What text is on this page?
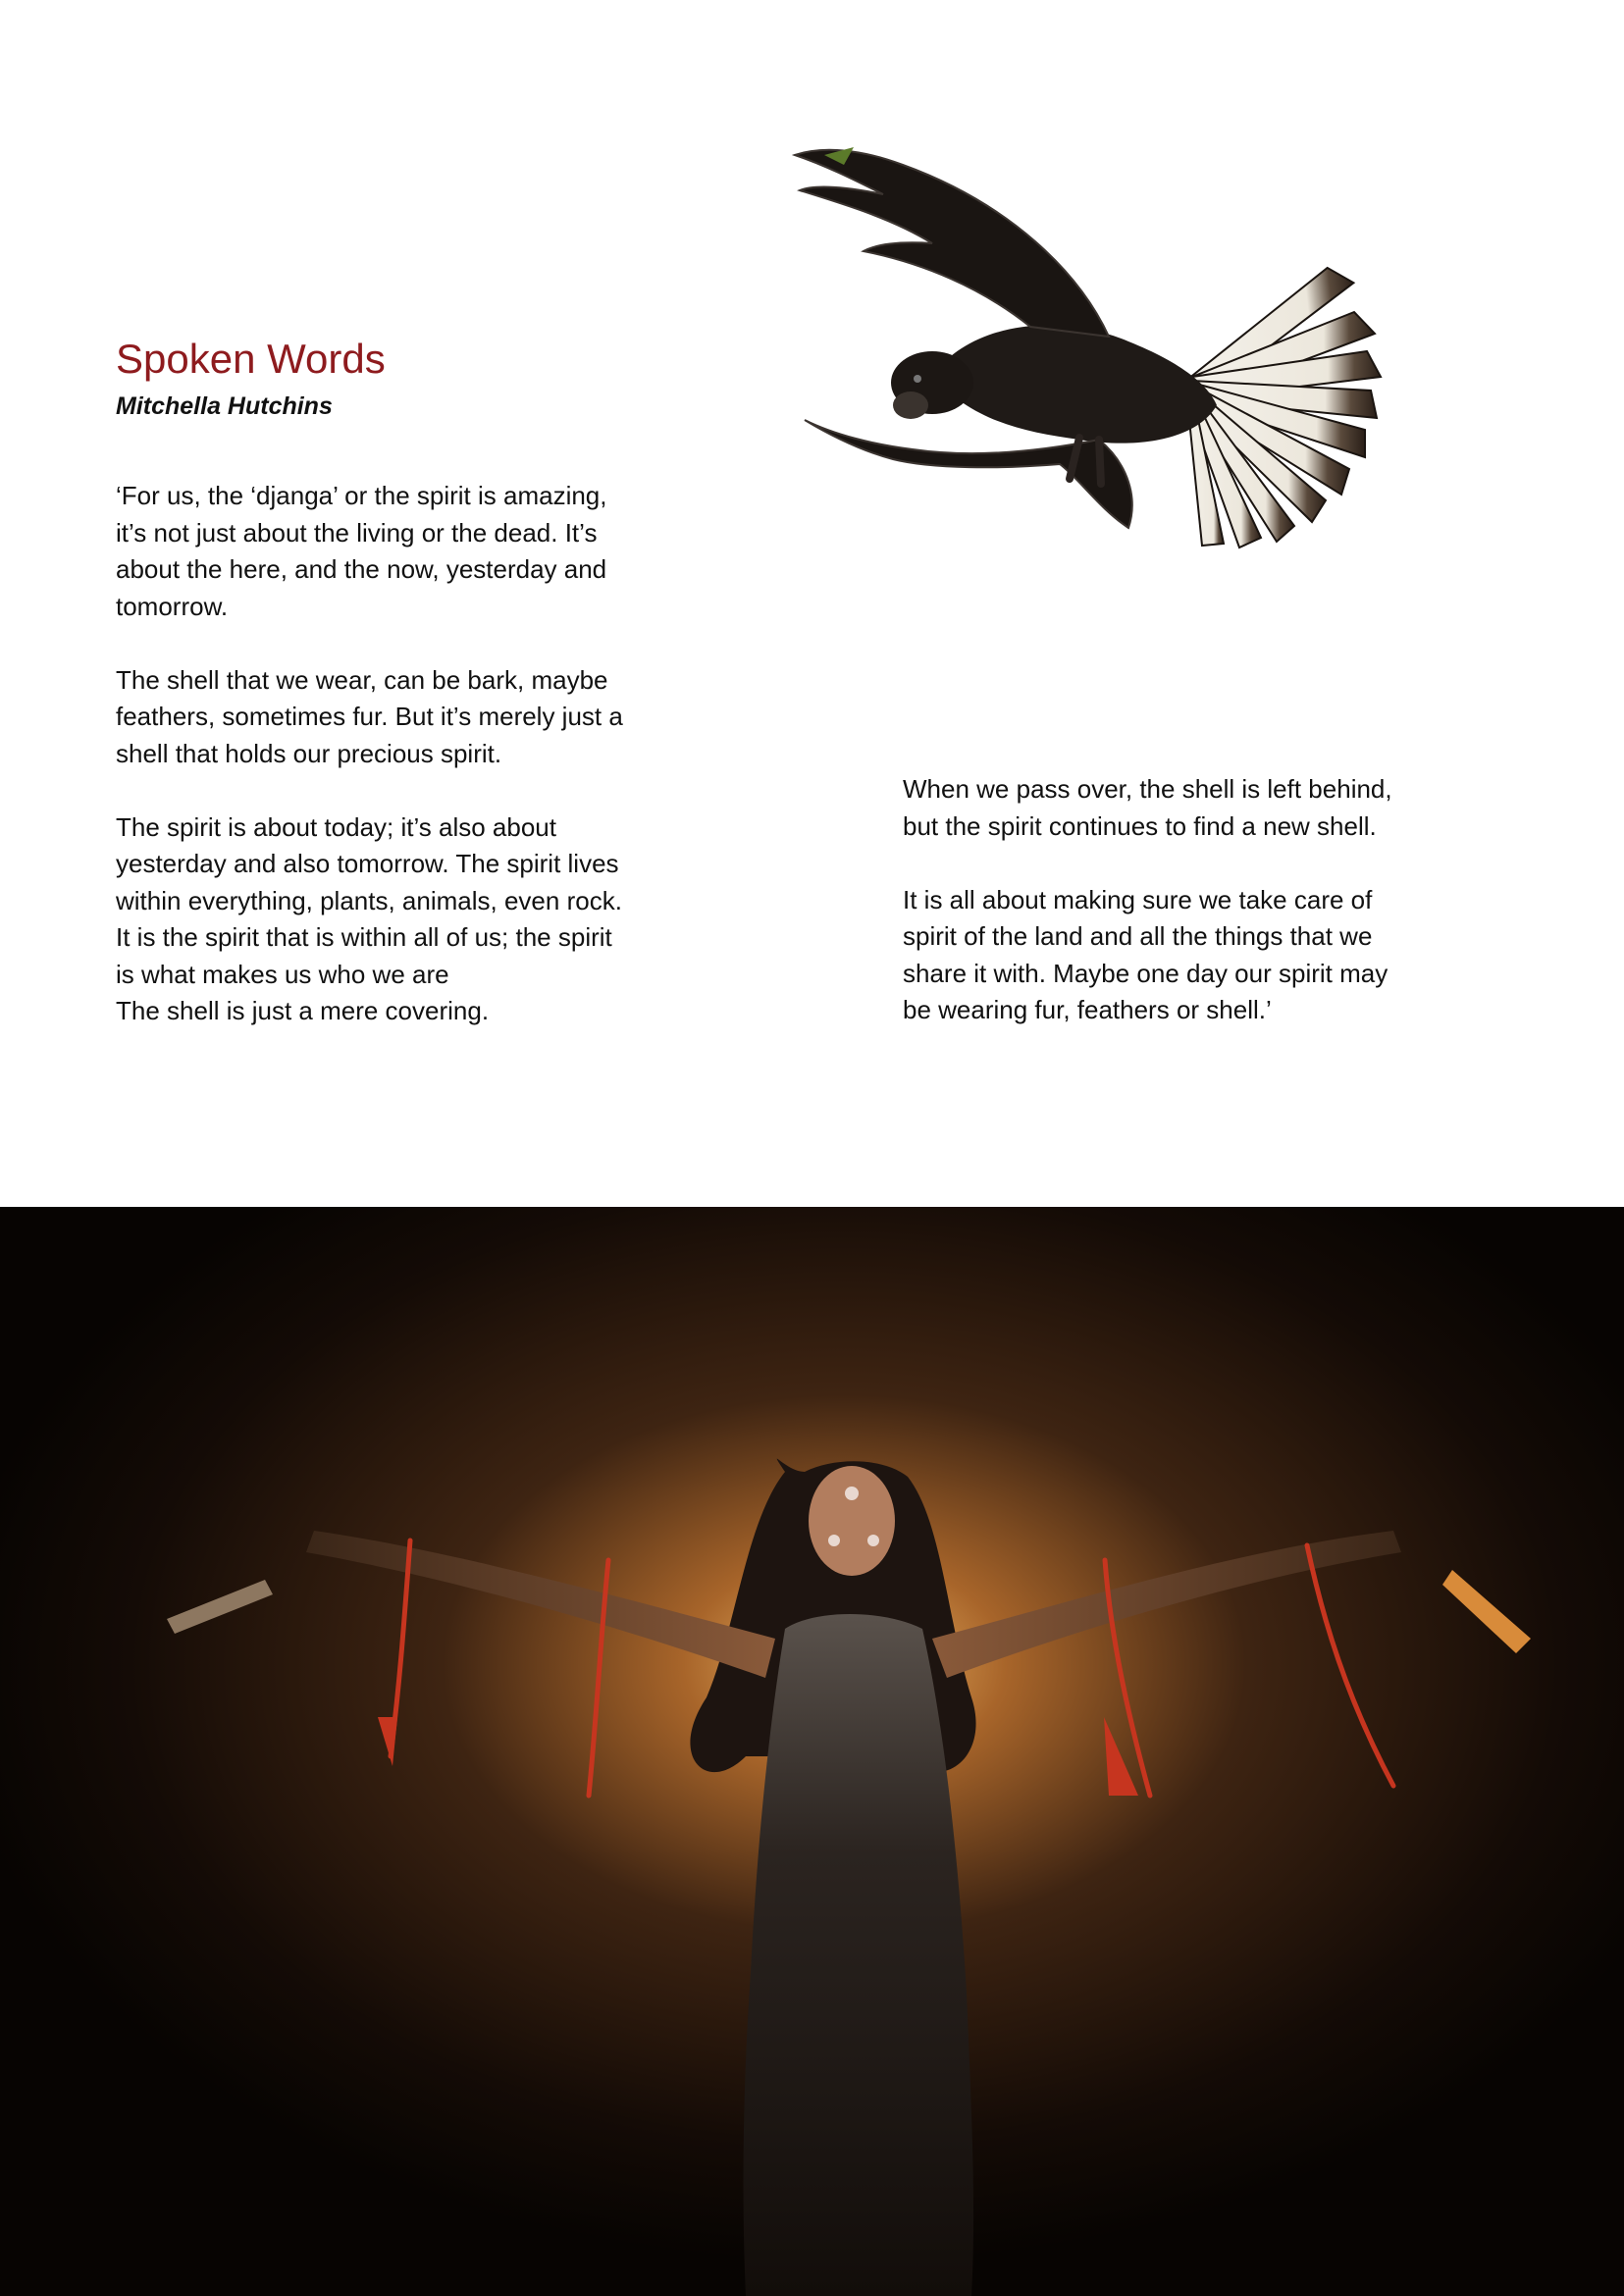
Spoken Words
Mitchella Hutchins

‘For us, the ‘djanga’ or the spirit is amazing,
it’s not just about the living or the dead. It’s
about the here, and the now, yesterday and
tomorrow.

The shell that we wear, can be bark, maybe
feathers, sometimes fur. But it’s merely just a
shell that holds our precious spirit.

The spirit is about today; it’s also about
yesterday and also tomorrow. The spirit lives
within everything, plants, animals, even rock.
It is the spirit that is within all of us; the spirit
is what makes us who we are
The shell is just a mere covering.

When we pass over, the shell is left behind,
but the spirit continues to find a new shell.

It is all about making sure we take care of
spirit of the land and all the things that we
share it with. Maybe one day our spirit may
be wearing fur, feathers or shell.’
